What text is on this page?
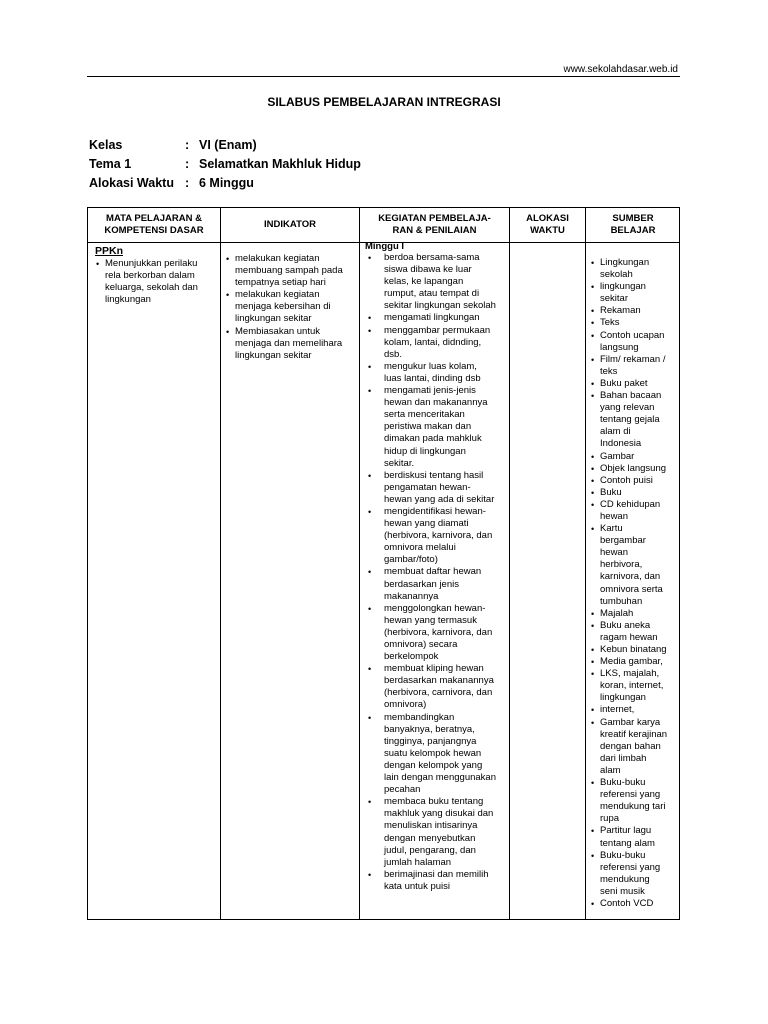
www.sekolahdasar.web.id
SILABUS PEMBELAJARAN INTREGRASI
Kelas	: VI (Enam)
Tema 1	: Selamatkan Makhluk Hidup
Alokasi Waktu : 6 Minggu
MATA PELAJARAN &
KOMPETENSI DASAR
INDIKATOR
KEGIATAN PEMBELAJA-
RAN & PENILAIAN
ALOKASI
WAKTU
SUMBER
BELAJAR
PPKn
• Menunjukkan perilaku
rela berkorban dalam
keluarga, sekolah dan
lingkungan
• melakukan kegiatan
membuang sampah pada
tempatnya setiap hari
• melakukan kegiatan
menjaga kebersihan di
lingkungan sekitar
• Membiasakan untuk
menjaga dan memelihara
lingkungan sekitar
Minggu I
• berdoa bersama-sama
siswa dibawa ke luar
kelas, ke lapangan
rumput, atau tempat di
sekitar lingkungan sekolah
• mengamati lingkungan
• menggambar permukaan
kolam, lantai, didnding,
dsb.
• mengukur luas kolam,
luas lantai, dinding dsb
• mengamati jenis-jenis
hewan dan makanannya
serta menceritakan
peristiwa makan dan
dimakan pada mahkluk
hidup di lingkungan
sekitar.
• berdiskusi tentang hasil
pengamatan hewan-
hewan yang ada di sekitar
• mengidentifikasi hewan-
hewan yang diamati
(herbivora, karnivora, dan
omnivora melalui
gambar/foto)
• membuat daftar hewan
berdasarkan jenis
makanannya
• menggolongkan hewan-
hewan yang termasuk
(herbivora, karnivora, dan
omnivora) secara
berkelompok
• membuat kliping hewan
berdasarkan makanannya
(herbivora, carnivora, dan
omnivora)
• membandingkan
banyaknya, beratnya,
tingginya, panjangnya
suatu kelompok hewan
dengan kelompok yang
lain dengan menggunakan
pecahan
• membaca buku tentang
makhluk yang disukai dan
menuliskan intisarinya
dengan menyebutkan
judul, pengarang, dan
jumlah halaman
• berimajinasi dan memilih
kata untuk puisi
• Lingkungan
sekolah
• lingkungan
sekitar
• Rekaman
• Teks
• Contoh ucapan
langsung
• Film/ rekaman /
teks
• Buku paket
• Bahan bacaan
yang relevan
tentang gejala
alam di
Indonesia
• Gambar
• Objek langsung
• Contoh puisi
• Buku
• CD kehidupan
hewan
• Kartu
bergambar
hewan
herbivora,
karnivora, dan
omnivora serta
tumbuhan
• Majalah
• Buku aneka
ragam hewan
• Kebun binatang
• Media gambar,
• LKS, majalah,
koran, internet,
lingkungan
• internet,
• Gambar karya
kreatif kerajinan
dengan bahan
dari limbah
alam
• Buku-buku
referensi yang
mendukung tari
rupa
• Partitur lagu
tentang alam
• Buku-buku
referensi yang
mendukung
seni musik
• Contoh VCD
